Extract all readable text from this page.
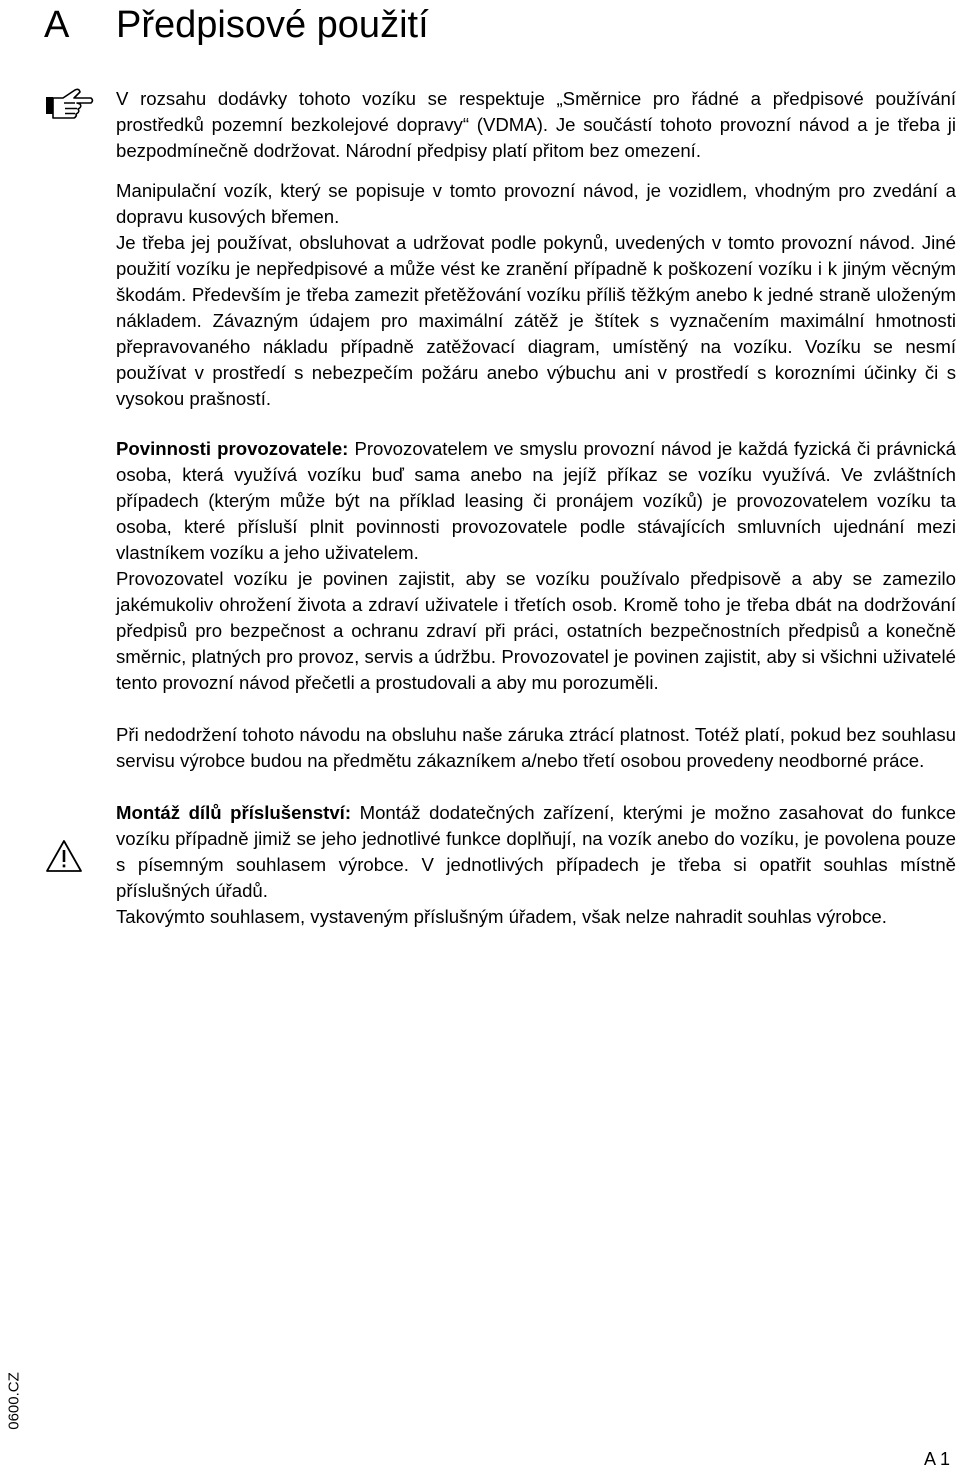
A Předpisové použití

V rozsahu dodávky tohoto vozíku se respektuje „Směrnice pro řádné a předpisové používání prostředků pozemní bezkolejové dopravy“ (VDMA). Je součástí tohoto provozní návod a je třeba ji bezpodmínečně dodržovat. Národní předpisy platí přitom bez omezení.

Manipulační vozík, který se popisuje v tomto provozní návod, je vozidlem, vhodným pro zvedání a dopravu kusových břemen.

Je třeba jej používat, obsluhovat a udržovat podle pokynů, uvedených v tomto provozní návod. Jiné použití vozíku je nepředpisové a může vést ke zranění případně k poškození vozíku i k jiným věcným škodám. Především je třeba zamezit přetěžování vozíku příliš těžkým anebo k jedné straně uloženým nákladem. Závazným údajem pro maximální zátěž je štítek s vyznačením maximální hmotnosti přepravovaného nákladu případně zatěžovací diagram, umístěný na vozíku. Vozíku se nesmí používat v prostředí s nebezpečím požáru anebo výbuchu ani v prostředí s korozními účinky či s vysokou prašností.

Povinnosti provozovatele: Provozovatelem ve smyslu provozní návod je každá fyzická či právnická osoba, která využívá vozíku buď sama anebo na jejíž příkaz se vozíku využívá. Ve zvláštních případech (kterým může být na příklad leasing či pronájem vozíků) je provozovatelem vozíku ta osoba, které přísluší plnit povinnosti provozovatele podle stávajících smluvních ujednání mezi vlastníkem vozíku a jeho uživatelem.

Provozovatel vozíku je povinen zajistit, aby se vozíku používalo předpisově a aby se zamezilo jakémukoliv ohrožení života a zdraví uživatele i třetích osob. Kromě toho je třeba dbát na dodržování předpisů pro bezpečnost a ochranu zdraví při práci, ostatních bezpečnostních předpisů a konečně směrnic, platných pro provoz, servis a údržbu. Provozovatel je povinen zajistit, aby si všichni uživatelé tento provozní návod přečetli a prostudovali a aby mu porozuměli.

Při nedodržení tohoto návodu na obsluhu naše záruka ztrácí platnost. Totéž platí, pokud bez souhlasu servisu výrobce budou na předmětu zákazníkem a/nebo třetí osobou provedeny neodborné práce.

Montáž dílů příslušenství: Montáž dodatečných zařízení, kterými je možno zasahovat do funkce vozíku případně jimiž se jeho jednotlivé funkce doplňují, na vozík anebo do vozíku, je povolena pouze s písemným souhlasem výrobce. V jednotlivých případech je třeba si opatřit souhlas místně příslušných úřadů.

Takovýmto souhlasem, vystaveným příslušným úřadem, však nelze nahradit souhlas výrobce.

0600.CZ
A 1
